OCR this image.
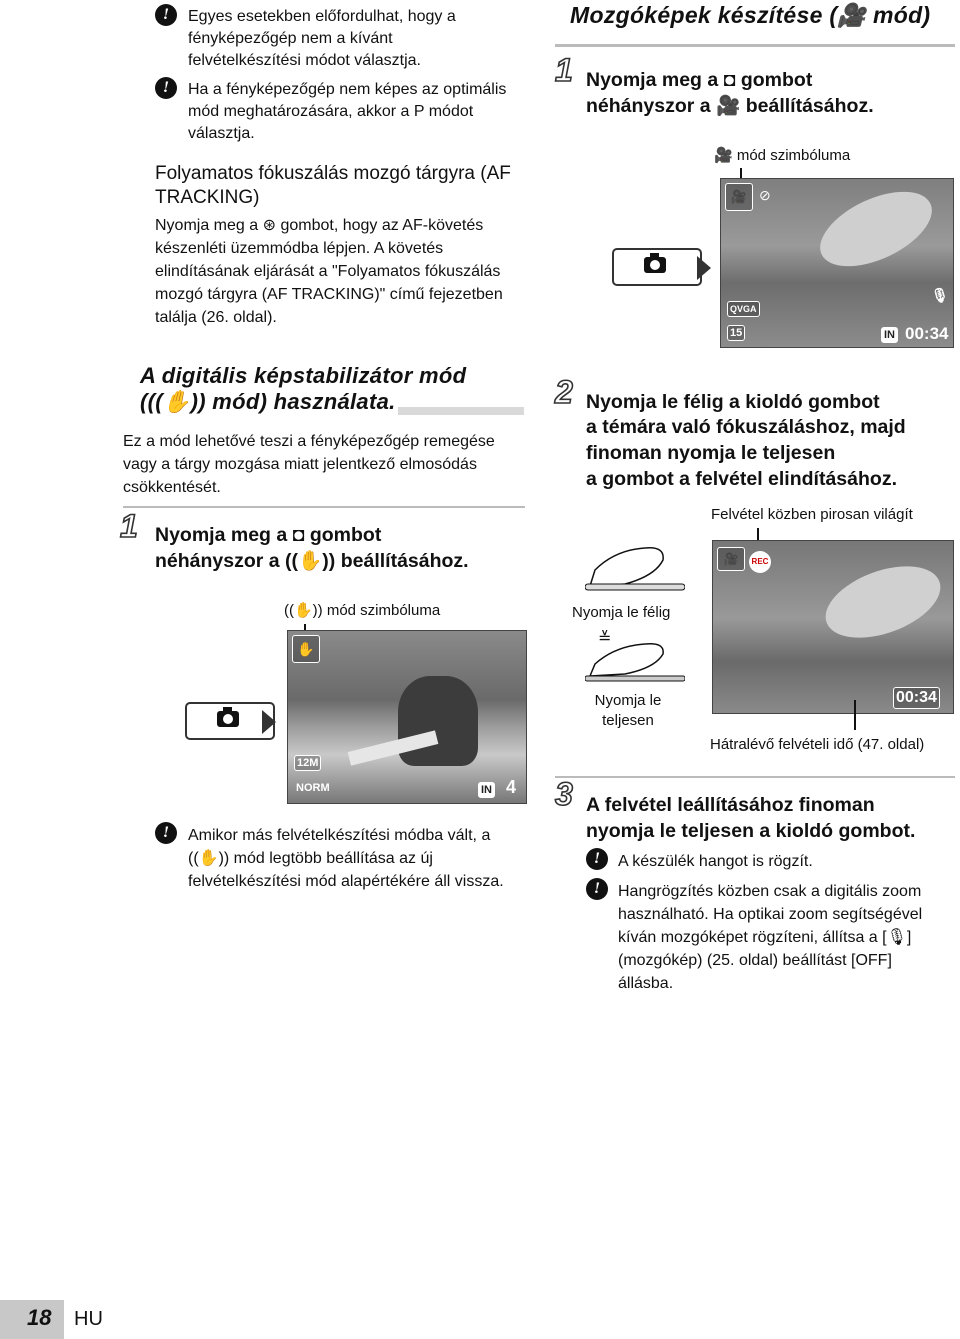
!	Egyes esetekben előfordulhat, hogy a fényképezőgép nem a kívánt felvételkészítési módot választja.
!	Ha a fényképezőgép nem képes az optimális mód meghatározására, akkor a P módot választja.
Folyamatos fókuszálás mozgó tárgyra (AF TRACKING)
Nyomja meg a ⊛ gombot, hogy az AF-követés készenléti üzemmódba lépjen. A követés elindításának eljárását a "Folyamatos fókuszálás mozgó tárgyra (AF TRACKING)" című fejezetben találja (26. oldal).
A digitális képstabilizátor mód
(((✋)) mód) használata.
Ez a mód lehetővé teszi a fényképezőgép remegése vagy a tárgy mozgása miatt jelentkező elmosódás csökkentését.
1 Nyomja meg a ◘ gombot
néhányszor a ((✋)) beállításához.
((✋)) mód szimbóluma
✋
12M
NORM	IN 4
!	Amikor más felvételkészítési módba vált, a ((✋)) mód legtöbb beállítása az új felvételkészítési mód alapértékére áll vissza.
Mozgóképek készítése (🎥 mód)
1 Nyomja meg a ◘ gombot
néhányszor a 🎥 beállításához.
🎥 mód szimbóluma
🎥 ⊘
🎙
QVGA
15	IN 00:34
2 Nyomja le félig a kioldó gombot
a témára való fókuszáláshoz, majd
finoman nyomja le teljesen
a gombot a felvétel elindításához.
Felvétel közben pirosan világít
Nyomja le félig
≚
Nyomja le teljesen
🎥	REC
00:34
Hátralévő felvételi idő (47. oldal)
3 A felvétel leállításához finoman
nyomja le teljesen a kioldó gombot.
!	A készülék hangot is rögzít.
!	Hangrögzítés közben csak a digitális zoom használható. Ha optikai zoom segítségével kíván mozgóképet rögzíteni, állítsa a [🎙] (mozgókép) (25. oldal) beállítást [OFF] állásba.
18 HU
